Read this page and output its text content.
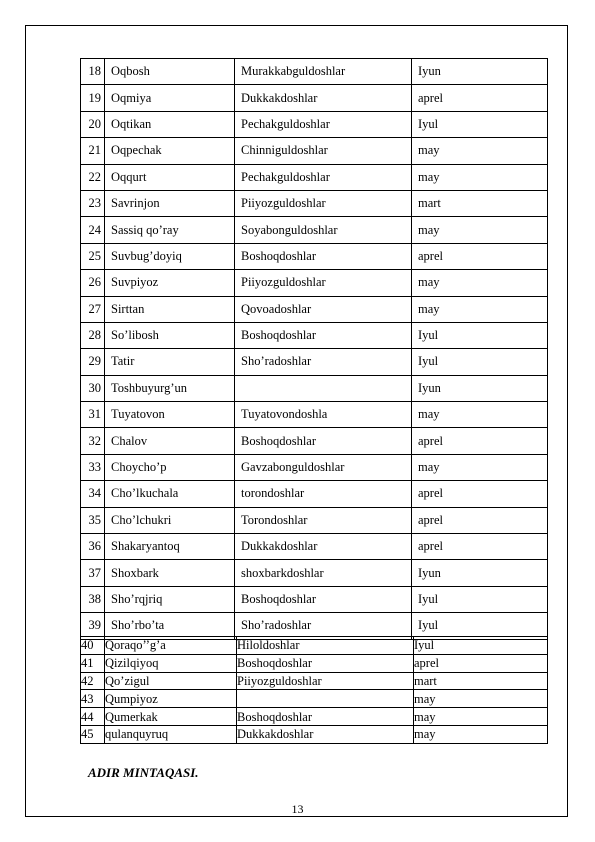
18	Oqbosh	Murakkabguldoshlar	Iyun
19	Oqmiya	Dukkakdoshlar	aprel
20	Oqtikan	Pechakguldoshlar	Iyul
21	Oqpechak	Chinniguldoshlar	may
22	Oqqurt	Pechakguldoshlar	may
23	Savrinjon	Piiyozguldoshlar	mart
24	Sassiq qo’ray	Soyabonguldoshlar	may
25	Suvbug’doyiq	Boshoqdoshlar	aprel
26	Suvpiyoz	Piiyozguldoshlar	may
27	Sirttan	Qovoadoshlar	may
28	So’libosh	Boshoqdoshlar	Iyul
29	Tatir	Sho’radoshlar	Iyul
30	Toshbuyurg’un		Iyun
31	Tuyatovon	Tuyatovondoshla	may
32	Chalov	Boshoqdoshlar	aprel
33	Choycho’p	Gavzabonguldoshlar	may
34	Cho’lkuchala	torondoshlar	aprel
35	Cho’lchukri	Torondoshlar	aprel
36	Shakaryantoq	Dukkakdoshlar	aprel
37	Shoxbark	shoxbarkdoshlar	Iyun
38	Sho’rqjriq	Boshoqdoshlar	Iyul
39	Sho’rbo’ta	Sho’radoshlar	Iyul
40	Qoraqo’’g’a	Hiloldoshlar	Iyul
41	Qizilqiyoq	Boshoqdoshlar	aprel
42	Qo’zigul	Piiyozguldoshlar	mart
43	Qumpiyoz		may
44	Qumerkak	Boshoqdoshlar	may
45	qulanquyruq	Dukkakdoshlar	may
ADIR MINTAQASI.
13
